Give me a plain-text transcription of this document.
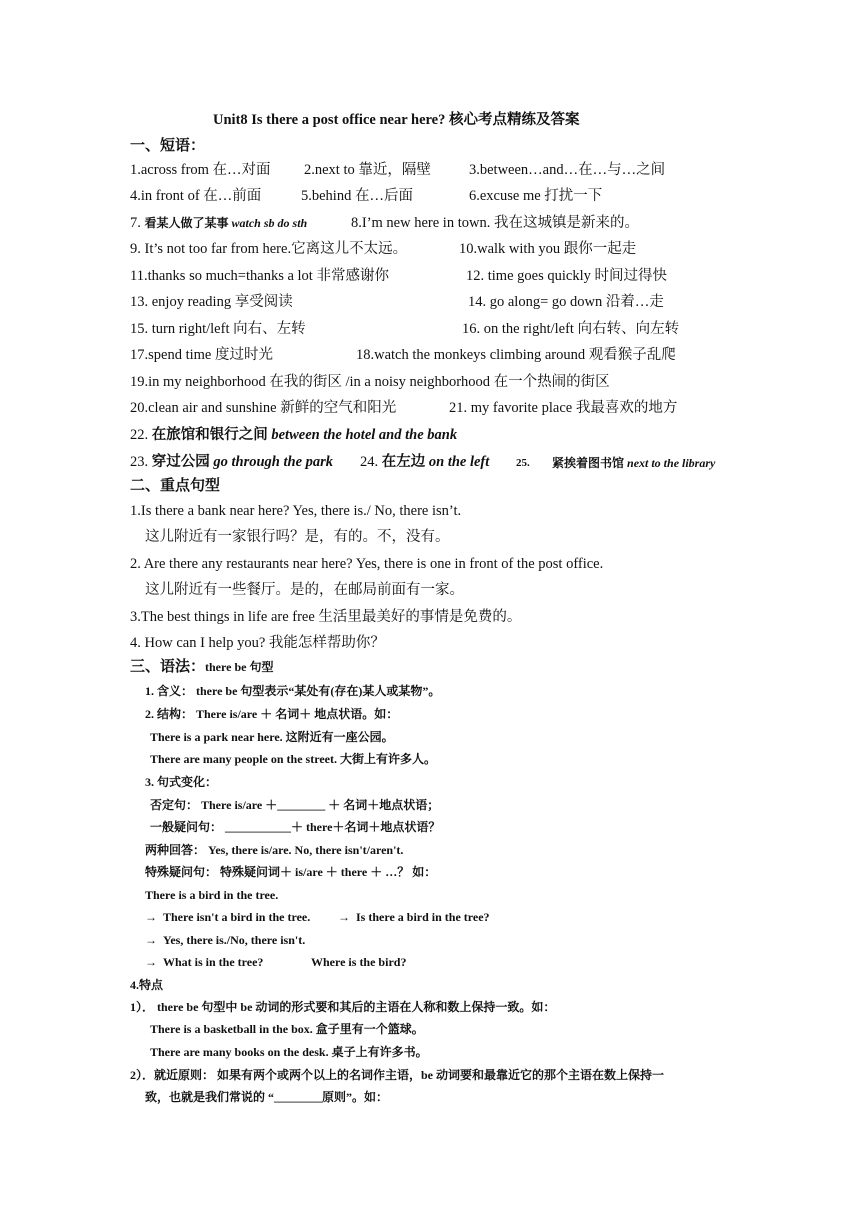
Unit8 Is there a post office near here? 核心考点精练及答案
一、短语：
1.across from 在…对面 2.next to 靠近，隔壁	3.between…and…在…与…之间
4.in front of 在…前面	5.behind 在…后面	6.excuse me 打扰一下
7. 看某人做了某事 watch sb do sth	8.I’m new here in town. 我在这城镇是新来的。
9. It’s not too far from here.它离这儿不太远。	10.walk with you 跟你一起走
11.thanks so much=thanks a lot 非常感谢你	12. time goes quickly 时间过得快
13. enjoy reading 享受阅读	14. go along= go down 沿着…走
15. turn right/left 向右、左转	16. on the right/left 向右转、向左转
17.spend time 度过时光	18.watch the monkeys climbing around 观看猴子乱爬
19.in my neighborhood 在我的街区 /in a noisy neighborhood 在一个热闹的街区
20.clean air and sunshine 新鲜的空气和阳光	21. my favorite place 我最喜欢的地方
22. 在旅馆和银行之间 between the hotel and the bank
23. 穿过公园 go through the park 24. 在左边 on the left 25. 紧挨着图书馆 next to the library
二、重点句型
1.Is there a bank near here? Yes, there is./ No, there isn’t.
这儿附近有一家银行吗？是，有的。不，没有。
2. Are there any restaurants near here? Yes, there is one in front of the post office.
这儿附近有一些餐厅。是的，在邮局前面有一家。
3.The best things in life are free 生活里最美好的事情是免费的。
4. How can I help you? 我能怎样帮助你？
三、语法：there be 句型
1. 含义： there be 句型表示“某处有(存在)某人或某物”。
2. 结构： There is/are ＋ 名词＋ 地点状语。如：
There is a park near here. 这附近有一座公园。
There are many people on the street. 大街上有许多人。
3. 句式变化：
否定句： There is/are ＋________ ＋ 名词＋地点状语；
一般疑问句： ___________＋ there＋名词＋地点状语？
两种回答： Yes, there is/are. No, there isn't/aren't.
特殊疑问句： 特殊疑问词＋ is/are ＋ there ＋ …？ 如：
There is a bird in the tree.
→ There isn't a bird in the tree. → Is there a bird in the tree?
→ Yes, there is./No, there isn't.
→ What is in the tree?	Where is the bird?
4.特点
1）． there be 句型中 be 动词的形式要和其后的主语在人称和数上保持一致。如：
There is a basketball in the box. 盒子里有一个篮球。
There are many books on the desk. 桌子上有许多书。
2）．就近原则： 如果有两个或两个以上的名词作主语，be 动词要和最靠近它的那个主语在数上保持一
致，也就是我们常说的 “________原则”。如：
